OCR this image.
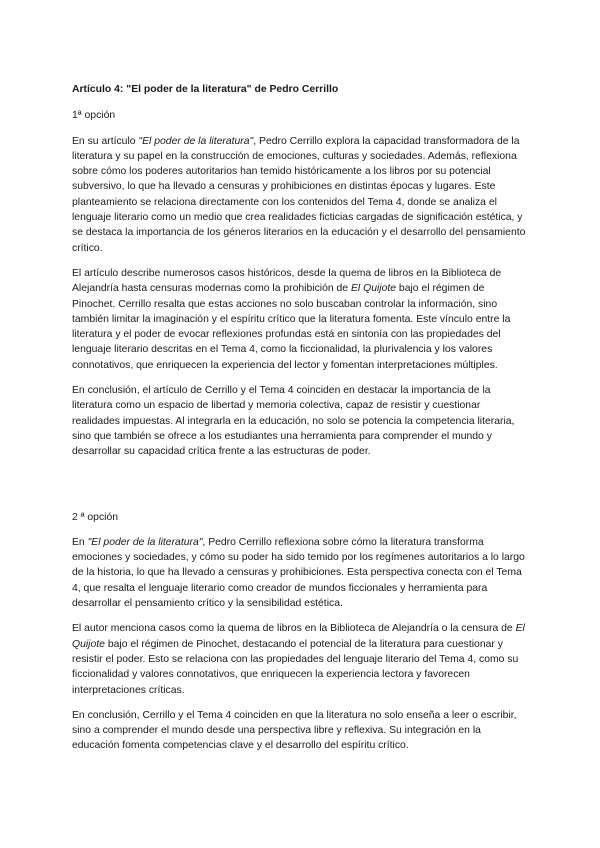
Artículo 4: "El poder de la literatura" de Pedro Cerrillo
1ª opción

En su artículo "El poder de la literatura", Pedro Cerrillo explora la capacidad transformadora de la literatura y su papel en la construcción de emociones, culturas y sociedades. Además, reflexiona sobre cómo los poderes autoritarios han temido históricamente a los libros por su potencial subversivo, lo que ha llevado a censuras y prohibiciones en distintas épocas y lugares. Este planteamiento se relaciona directamente con los contenidos del Tema 4, donde se analiza el lenguaje literario como un medio que crea realidades ficticias cargadas de significación estética, y se destaca la importancia de los géneros literarios en la educación y el desarrollo del pensamiento crítico.

El artículo describe numerosos casos históricos, desde la quema de libros en la Biblioteca de Alejandría hasta censuras modernas como la prohibición de El Quijote bajo el régimen de Pinochet. Cerrillo resalta que estas acciones no solo buscaban controlar la información, sino también limitar la imaginación y el espíritu crítico que la literatura fomenta. Este vínculo entre la literatura y el poder de evocar reflexiones profundas está en sintonía con las propiedades del lenguaje literario descritas en el Tema 4, como la ficcionalidad, la plurivalencia y los valores connotativos, que enriquecen la experiencia del lector y fomentan interpretaciones múltiples.

En conclusión, el artículo de Cerrillo y el Tema 4 coinciden en destacar la importancia de la literatura como un espacio de libertad y memoria colectiva, capaz de resistir y cuestionar realidades impuestas. Al integrarla en la educación, no solo se potencia la competencia literaria, sino que también se ofrece a los estudiantes una herramienta para comprender el mundo y desarrollar su capacidad crítica frente a las estructuras de poder.

2 ª opción

En "El poder de la literatura", Pedro Cerrillo reflexiona sobre cómo la literatura transforma emociones y sociedades, y cómo su poder ha sido temido por los regímenes autoritarios a lo largo de la historia, lo que ha llevado a censuras y prohibiciones. Esta perspectiva conecta con el Tema 4, que resalta el lenguaje literario como creador de mundos ficcionales y herramienta para desarrollar el pensamiento crítico y la sensibilidad estética.

El autor menciona casos como la quema de libros en la Biblioteca de Alejandría o la censura de El Quijote bajo el régimen de Pinochet, destacando el potencial de la literatura para cuestionar y resistir el poder. Esto se relaciona con las propiedades del lenguaje literario del Tema 4, como su ficcionalidad y valores connotativos, que enriquecen la experiencia lectora y favorecen interpretaciones críticas.

En conclusión, Cerrillo y el Tema 4 coinciden en que la literatura no solo enseña a leer o escribir, sino a comprender el mundo desde una perspectiva libre y reflexiva. Su integración en la educación fomenta competencias clave y el desarrollo del espíritu crítico.
